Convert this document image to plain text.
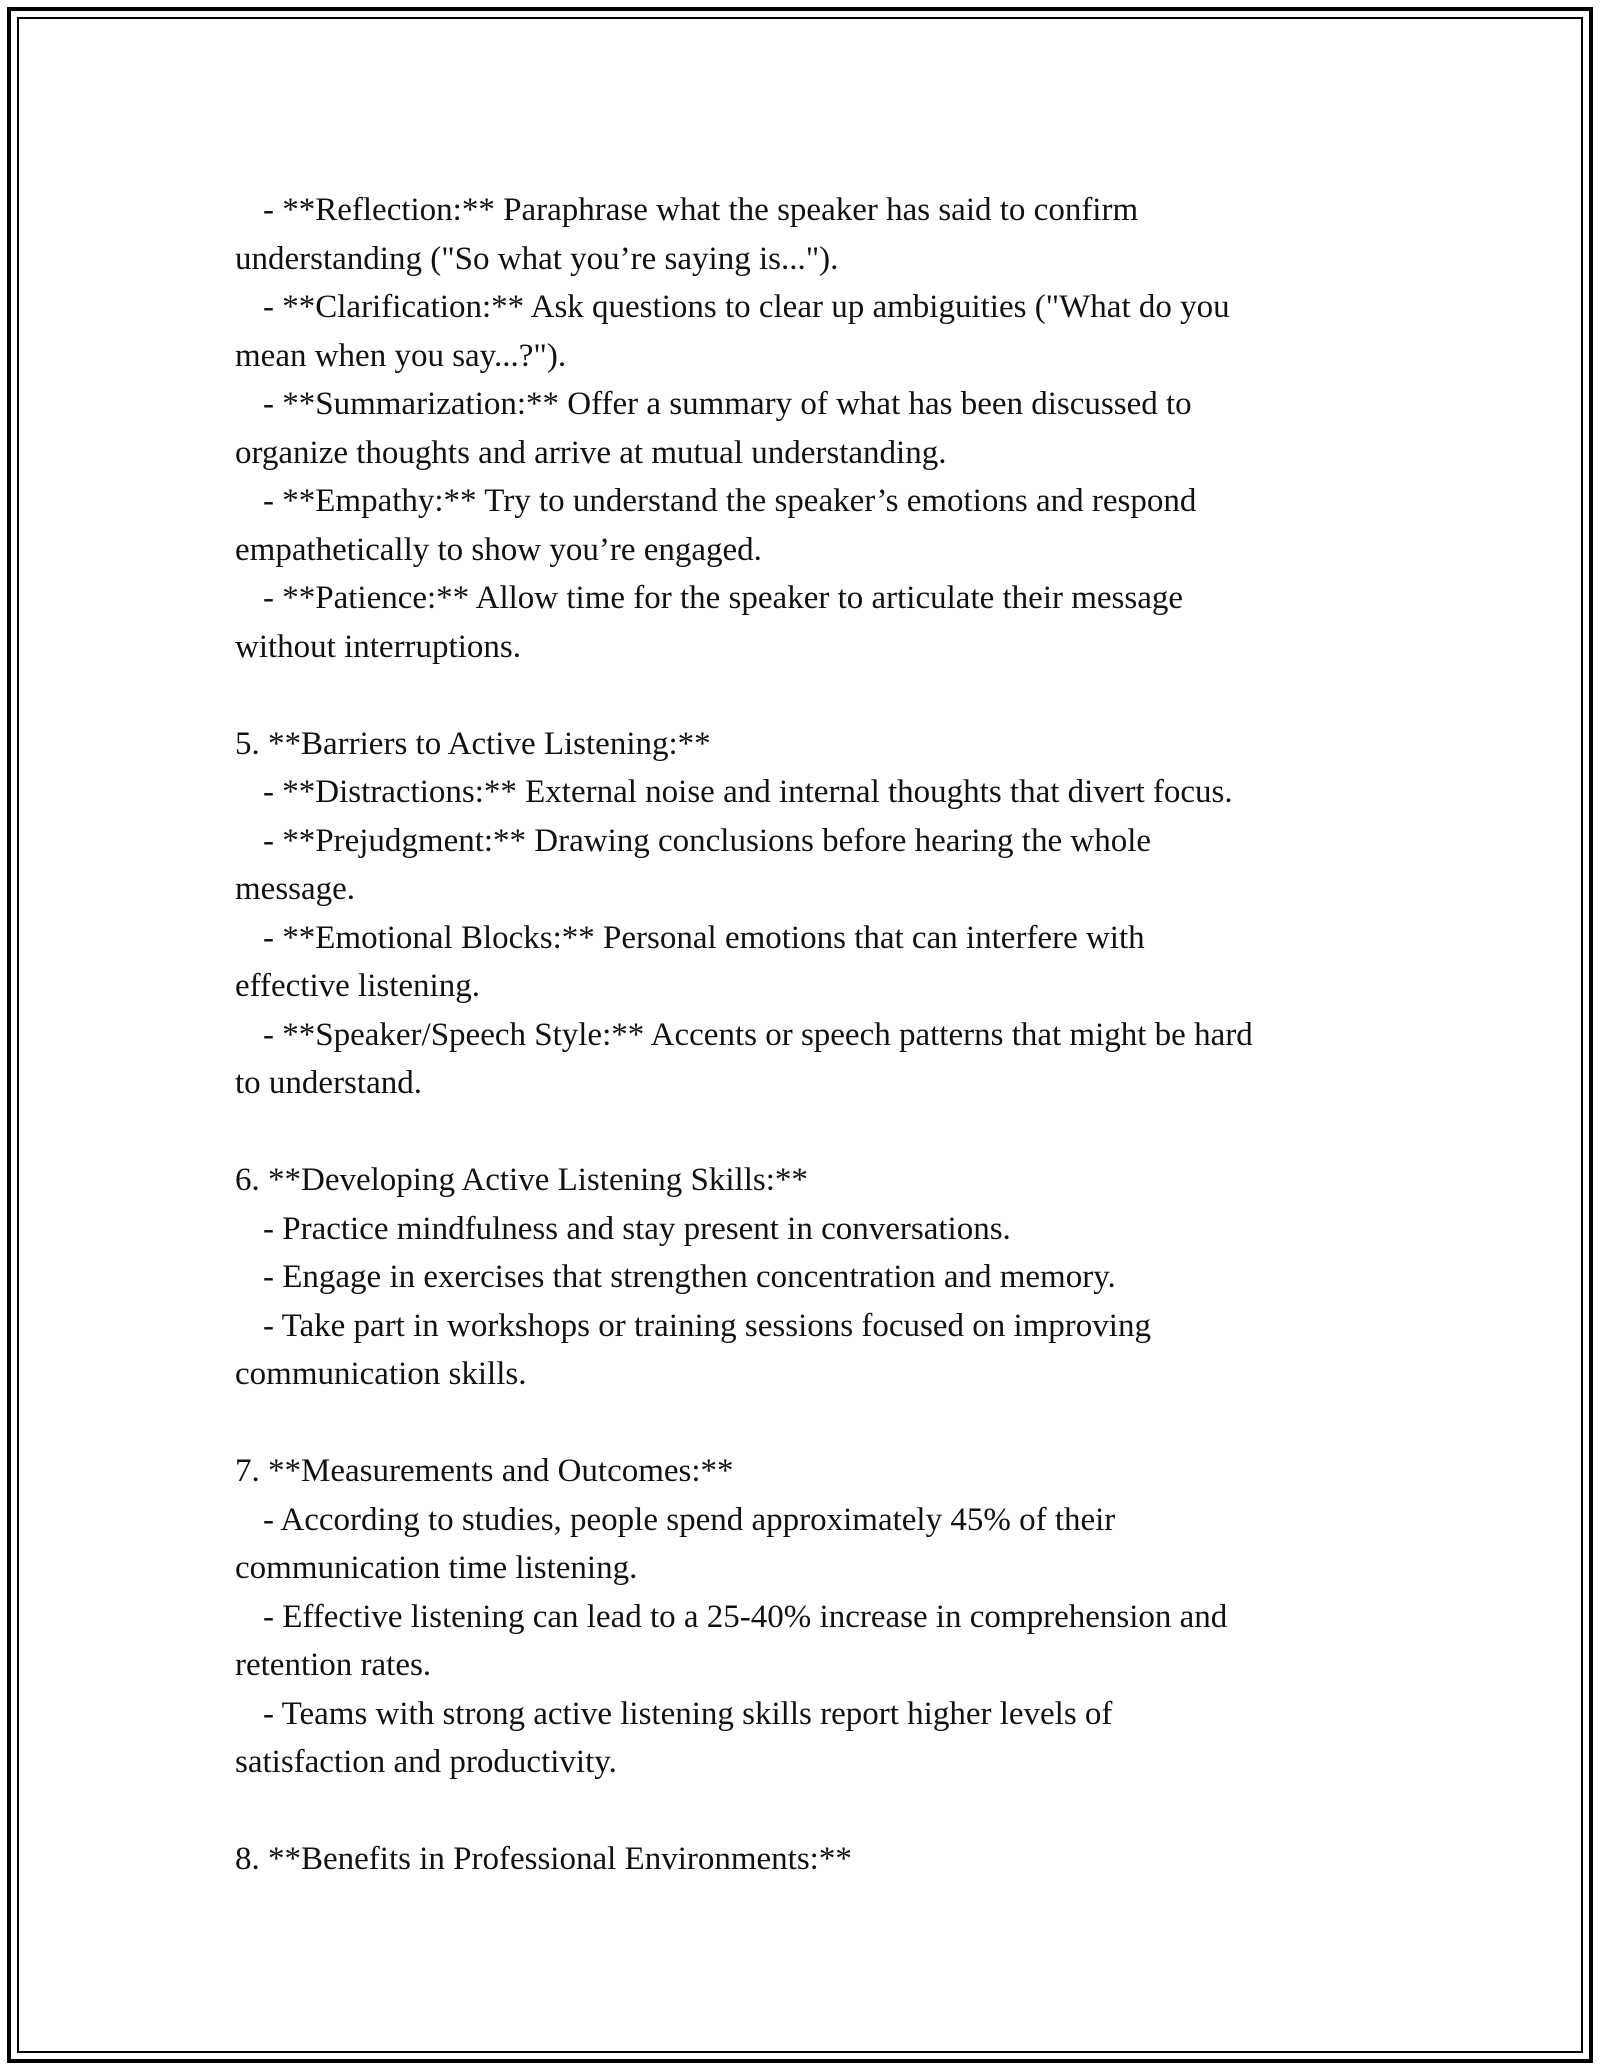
- **Reflection:** Paraphrase what the speaker has said to confirm

understanding ("So what you’re saying is...").

- **Clarification:** Ask questions to clear up ambiguities ("What do you

mean when you say...?").

- **Summarization:** Offer a summary of what has been discussed to

organize thoughts and arrive at mutual understanding.

- **Empathy:** Try to understand the speaker’s emotions and respond

empathetically to show you’re engaged.

- **Patience:** Allow time for the speaker to articulate their message

without interruptions.

5. **Barriers to Active Listening:**

- **Distractions:** External noise and internal thoughts that divert focus.

- **Prejudgment:** Drawing conclusions before hearing the whole

message.

- **Emotional Blocks:** Personal emotions that can interfere with

effective listening.

- **Speaker/Speech Style:** Accents or speech patterns that might be hard

to understand.

6. **Developing Active Listening Skills:**

- Practice mindfulness and stay present in conversations.

- Engage in exercises that strengthen concentration and memory.

- Take part in workshops or training sessions focused on improving

communication skills.

7. **Measurements and Outcomes:**

- According to studies, people spend approximately 45% of their

communication time listening.

- Effective listening can lead to a 25-40% increase in comprehension and

retention rates.

- Teams with strong active listening skills report higher levels of

satisfaction and productivity.

8. **Benefits in Professional Environments:**
